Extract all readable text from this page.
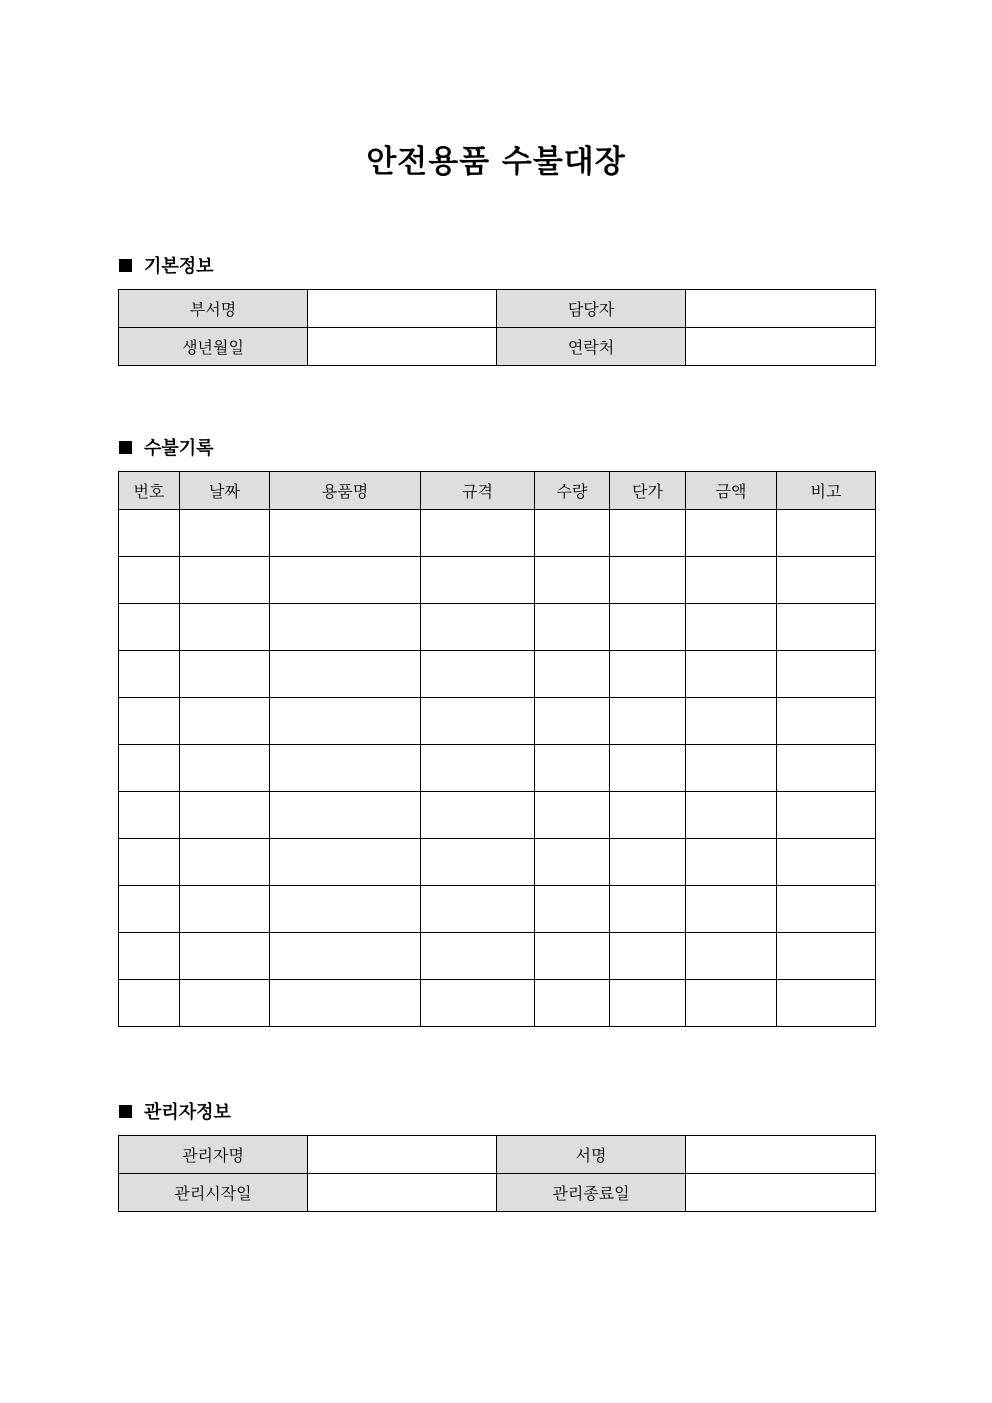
안전용품 수불대장
기본정보
부서명		담당자	
생년월일		연락처	
수불기록
번호	날짜	용품명	규격	수량	단가	금액	비고

관리자정보
관리자명		서명	
관리시작일		관리종료일	
